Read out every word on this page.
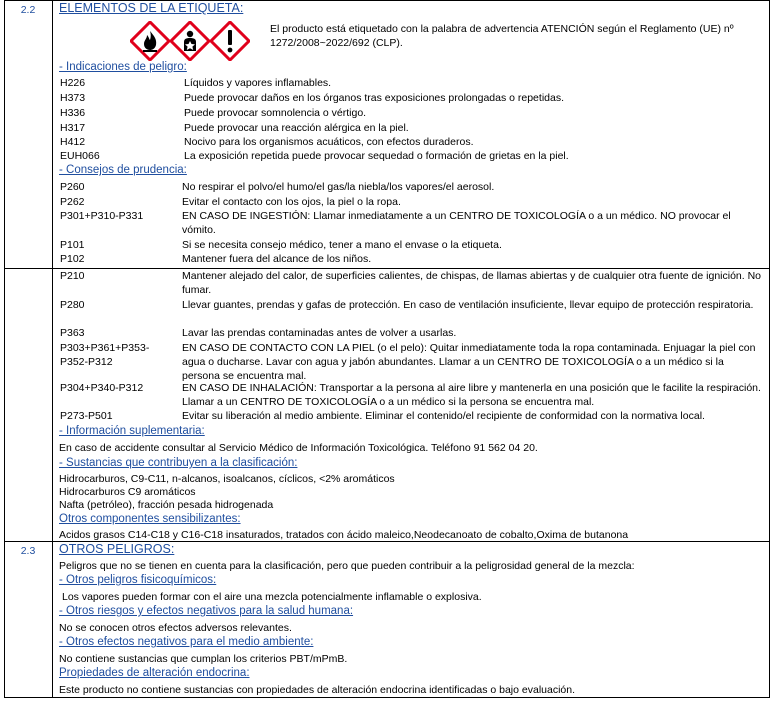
2.2	ELEMENTOS DE LA ETIQUETA:
El producto está etiquetado con la palabra de advertencia ATENCIÓN según el Reglamento (UE) nº 1272/2008~2022/692 (CLP).
- Indicaciones de peligro:
H226	Líquidos y vapores inflamables.
H373	Puede provocar daños en los órganos tras exposiciones prolongadas o repetidas.
H336	Puede provocar somnolencia o vértigo.
H317	Puede provocar una reacción alérgica en la piel.
H412	Nocivo para los organismos acuáticos, con efectos duraderos.
EUH066	La exposición repetida puede provocar sequedad o formación de grietas en la piel.
- Consejos de prudencia:
P260	No respirar el polvo/el humo/el gas/la niebla/los vapores/el aerosol.
P262	Evitar el contacto con los ojos, la piel o la ropa.
P301+P310-P331	EN CASO DE INGESTIÓN: Llamar inmediatamente a un CENTRO DE TOXICOLOGÍA o a un médico. NO provocar el vómito.
P101	Si se necesita consejo médico, tener a mano el envase o la etiqueta.
P102	Mantener fuera del alcance de los niños.
P210	Mantener alejado del calor, de superficies calientes, de chispas, de llamas abiertas y de cualquier otra fuente de ignición. No fumar.
P280	Llevar guantes, prendas y gafas de protección. En caso de ventilación insuficiente, llevar equipo de protección respiratoria.
P363	Lavar las prendas contaminadas antes de volver a usarlas.
P303+P361+P353-P352-P312
EN CASO DE CONTACTO CON LA PIEL (o el pelo): Quitar inmediatamente toda la ropa contaminada. Enjuagar la piel con agua o ducharse. Lavar con agua y jabón abundantes. Llamar a un CENTRO DE TOXICOLOGÍA o a un médico si la persona se encuentra mal.
P304+P340-P312	EN CASO DE INHALACIÓN: Transportar a la persona al aire libre y mantenerla en una posición que le facilite la respiración. Llamar a un CENTRO DE TOXICOLOGÍA o a un médico si la persona se encuentra mal.
P273-P501	Evitar su liberación al medio ambiente. Eliminar el contenido/el recipiente de conformidad con la normativa local.
- Información suplementaria:
En caso de accidente consultar al Servicio Médico de Información Toxicológica. Teléfono 91 562 04 20.
- Sustancias que contribuyen a la clasificación:
Hidrocarburos, C9-C11, n-alcanos, isoalcanos, cíclicos, <2% aromáticos
Hidrocarburos C9 aromáticos
Nafta (petróleo), fracción pesada hidrogenada
Otros componentes sensibilizantes:
Acidos grasos C14-C18 y C16-C18 insaturados, tratados con ácido maleico,Neodecanoato de cobalto,Oxima de butanona
2.3	OTROS PELIGROS:
Peligros que no se tienen en cuenta para la clasificación, pero que pueden contribuir a la peligrosidad general de la mezcla:
- Otros peligros fisicoquímicos:
Los vapores pueden formar con el aire una mezcla potencialmente inflamable o explosiva.
- Otros riesgos y efectos negativos para la salud humana:
No se conocen otros efectos adversos relevantes.
- Otros efectos negativos para el medio ambiente:
No contiene sustancias que cumplan los criterios PBT/mPmB.
Propiedades de alteración endocrina:
Este producto no contiene sustancias con propiedades de alteración endocrina identificadas o bajo evaluación.
